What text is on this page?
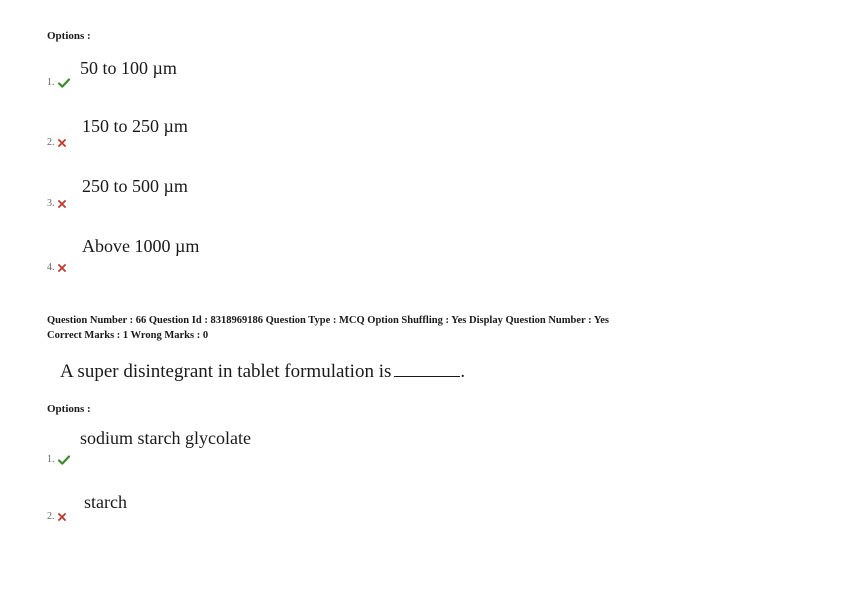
Options :
50 to 100 µm
1.
150 to 250 µm
2.
250 to 500 µm
3.
Above 1000 µm
4.
Question Number : 66 Question Id : 8318969186 Question Type : MCQ Option Shuffling : Yes Display Question Number : Yes
Correct Marks : 1 Wrong Marks : 0
A super disintegrant in tablet formulation is	.
Options :
sodium starch glycolate
1.
starch
2.
